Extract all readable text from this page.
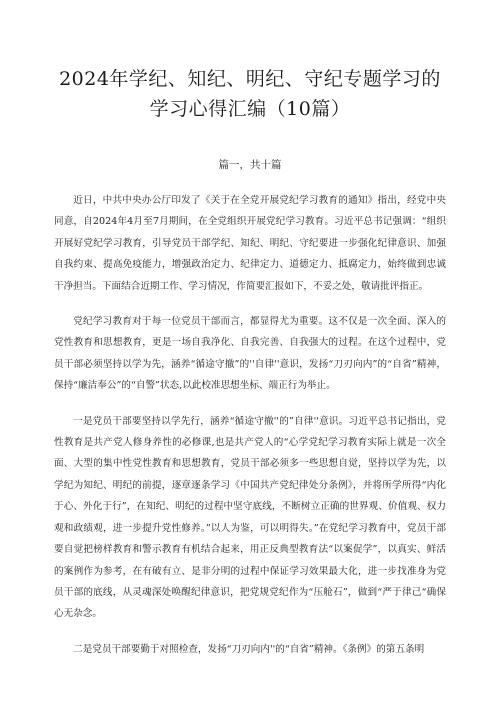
2024年学纪、知纪、明纪、守纪专题学习的学习心得汇编（10篇）

篇一，共十篇

近日，中共中央办公厅印发了《关于在全党开展党纪学习教育的通知》指出，经党中央同意，自2024年4月至7月期间，在全党组织开展党纪学习教育。习近平总书记强调：“组织开展好党纪学习教育，引导党员干部学纪、知纪、明纪、守纪要进一步强化纪律意识、加强自我约束、提高免疫能力，增强政治定力、纪律定力、道德定力、抵腐定力，始终做到忠诚干净担当。下面结合近期工作、学习情况，作简要汇报如下，不妥之处，敬请批评指正。

党纪学习教育对于每一位党员干部而言，都显得尤为重要。这不仅是一次全面、深入的党性教育和思想教育，更是一场自我净化、自我完善、自我强大的过程。在这个过程中，党员干部必须坚持以学为先，涵养“循途守撤”的''自律''意识，发扬“刀刃向内”的“自省”精神，保持“廉洁奉公”的“自警”状态,以此校准思想坐标、端正行为举止。

一是党员干部要坚持以学先行，涵养“循途守撤''的”自律''意识。习近平总书记指出，党性教育是共产党人修身养性的必修课,也是共产党人的“心学党纪学习教育实际上就是一次全面、大型的集中性党性教育和思想教育，党员干部必须多一些思想自觉，坚持以学为先，以学纪为知纪、明纪的前提，逐章逐条学习《中国共产党纪律处分条例》，并将所学所得“内化于心、外化于行”，在知纪、明纪的过程中坚守底线，不断树立正确的世界观、价值观、权力观和政绩观，进一步提升党性修养。”以人为鉴，可以明得失。”在党纪学习教育中，党员干部要自觉把榜样教育和警示教育有机结合起来，用正反典型教育法“以案促学”，以真实、鲜活的案例作为参考，在有破有立、是非分明的过程中保证学习效果最大化，进一步找准身为党员干部的底线，从灵魂深处唤醒纪律意识，把党规党纪作为“压舱石”，做到“严于律己“确保心无杂念。

二是党员干部要勤于对照检查，发扬“刀刃向内''的“自省”精神。《条例》的第五条明
